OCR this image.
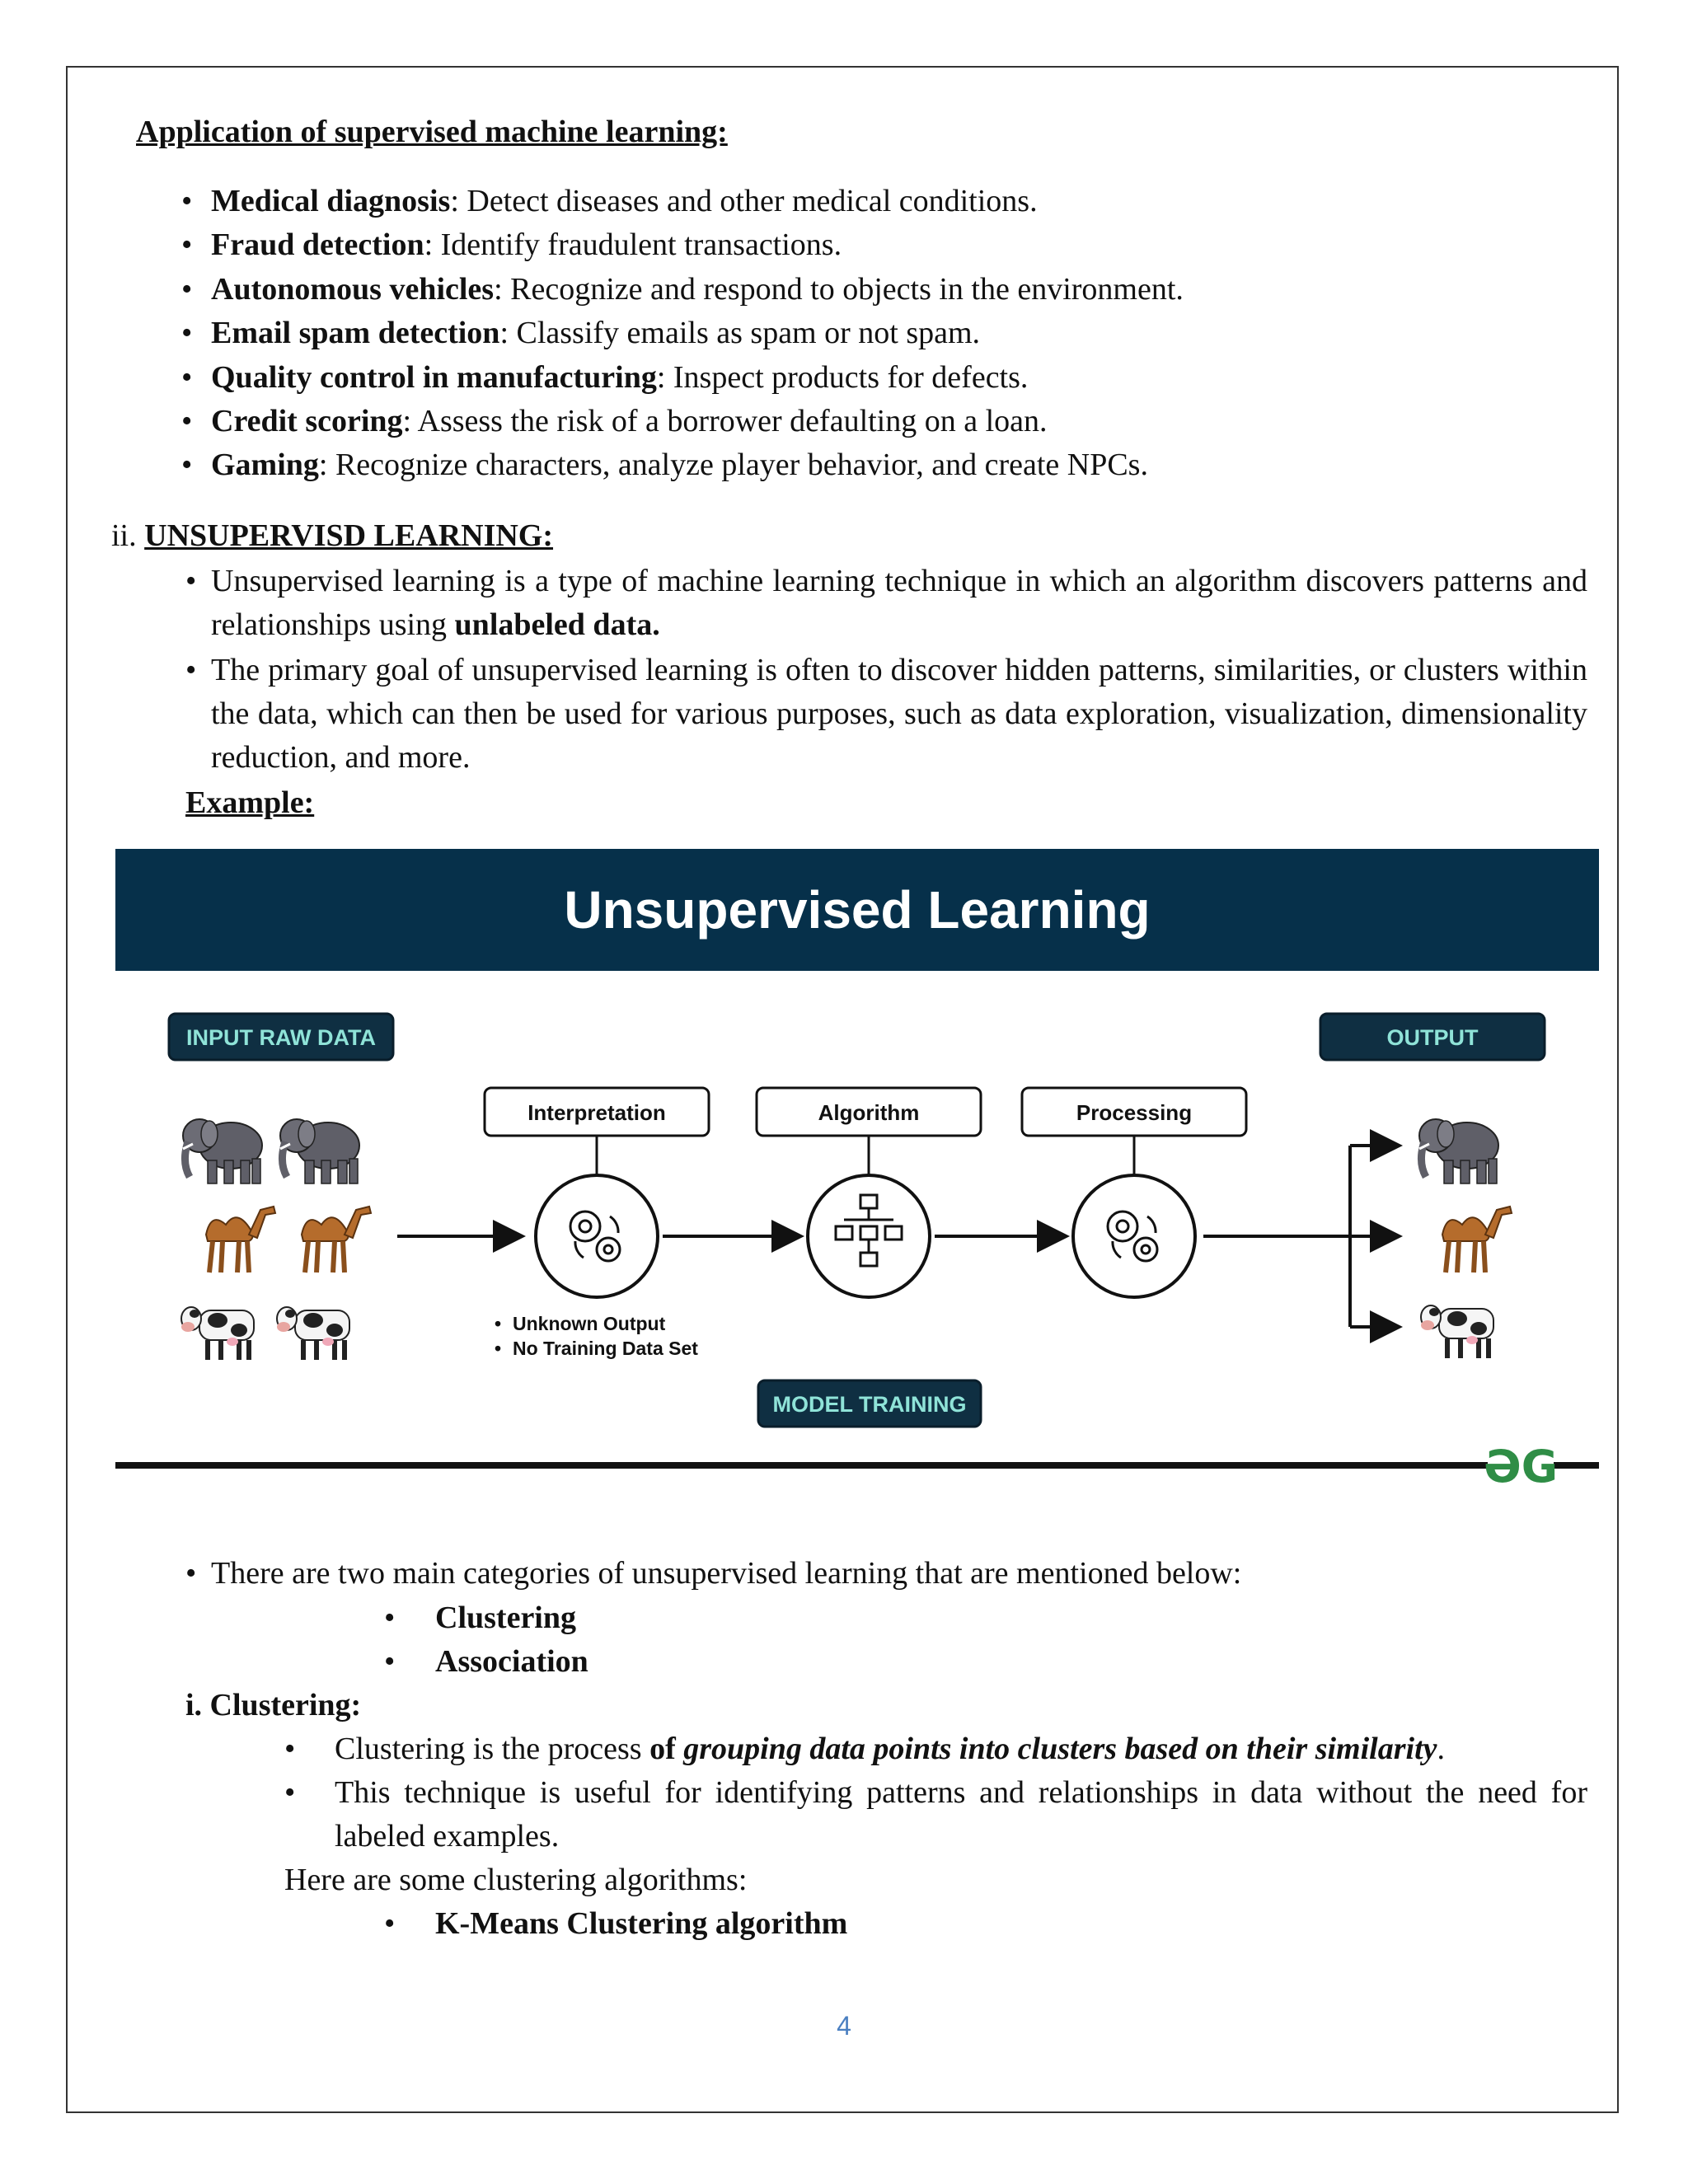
Application of supervised machine learning:
• Medical diagnosis: Detect diseases and other medical conditions.
• Fraud detection: Identify fraudulent transactions.
• Autonomous vehicles: Recognize and respond to objects in the environment.
• Email spam detection: Classify emails as spam or not spam.
• Quality control in manufacturing: Inspect products for defects.
• Credit scoring: Assess the risk of a borrower defaulting on a loan.
• Gaming: Recognize characters, analyze player behavior, and create NPCs.
ii. UNSUPERVISD LEARNING:
• Unsupervised learning is a type of machine learning technique in which an algorithm discovers patterns and relationships using unlabeled data.
• The primary goal of unsupervised learning is often to discover hidden patterns, similarities, or clusters within the data, which can then be used for various purposes, such as data exploration, visualization, dimensionality reduction, and more.
Example:
Unsupervised Learning
INPUT RAW DATA	OUTPUT
Interpretation	Algorithm	Processing
• Unknown Output
• No Training Data Set
MODEL TRAINING
ƏG
• There are two main categories of unsupervised learning that are mentioned below:
• Clustering
• Association
i. Clustering:
• Clustering is the process of grouping data points into clusters based on their similarity.
• This technique is useful for identifying patterns and relationships in data without the need for labeled examples.
Here are some clustering algorithms:
• K-Means Clustering algorithm
4
